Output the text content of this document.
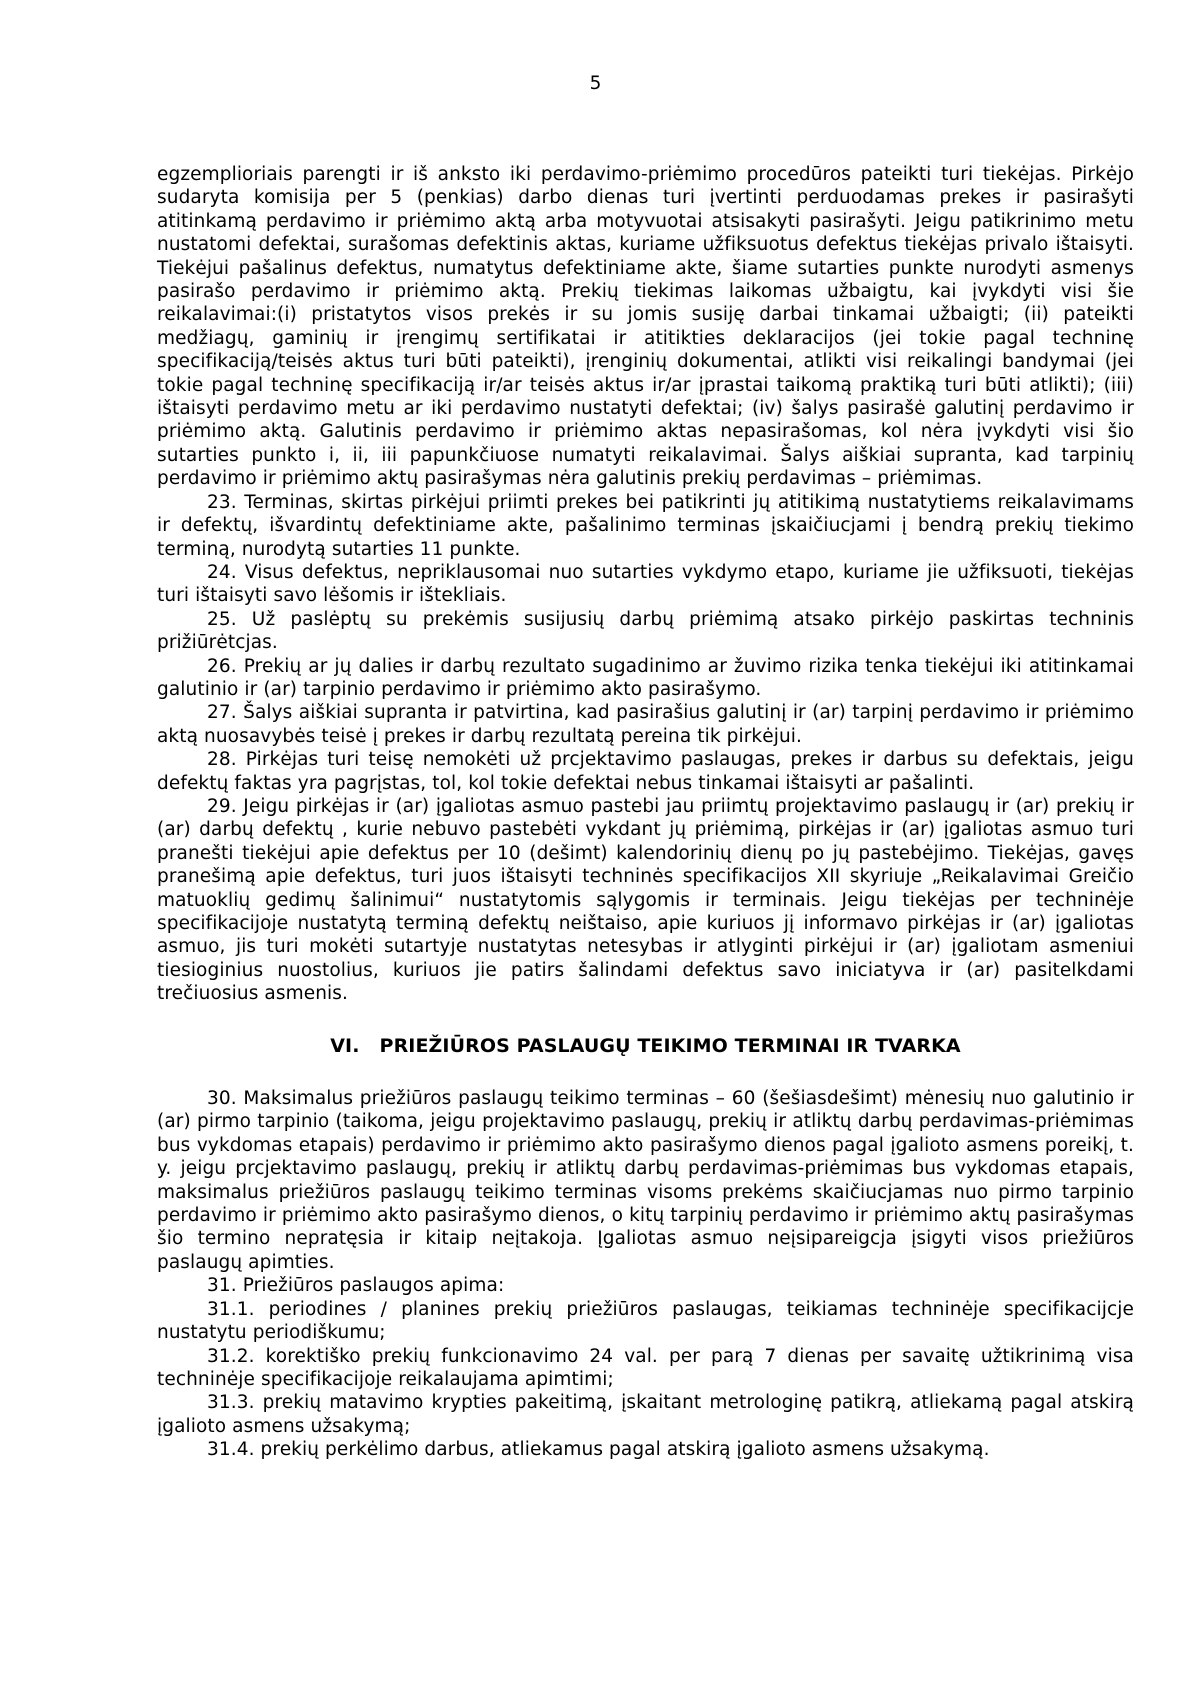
5

egzemplioriais parengti ir iš anksto iki perdavimo-priėmimo procedūros pateikti turi tiekėjas. Pirkėjo sudaryta komisija per 5 (penkias) darbo dienas turi įvertinti perduodamas prekes ir pasirašyti atitinkamą perdavimo ir priėmimo aktą arba motyvuotai atsisakyti pasirašyti. Jeigu patikrinimo metu nustatomi defektai, surašomas defektinis aktas, kuriame užfiksuotus defektus tiekėjas privalo ištaisyti. Tiekėjui pašalinus defektus, numatytus defektiniame akte, šiame sutarties punkte nurodyti asmenys pasirašo perdavimo ir priėmimo aktą. Prekių tiekimas laikomas užbaigtu, kai įvykdyti visi šie reikalavimai:(i) pristatytos visos prekės ir su jomis susiję darbai tinkamai užbaigti; (ii) pateikti medžiagų, gaminių ir įrengimų sertifikatai ir atitikties deklaracijos (jei tokie pagal techninę specifikaciją/teisės aktus turi būti pateikti), įrenginių dokumentai, atlikti visi reikalingi bandymai (jei tokie pagal techninę specifikaciją ir/ar teisės aktus ir/ar įprastai taikomą praktiką turi būti atlikti); (iii) ištaisyti perdavimo metu ar iki perdavimo nustatyti defektai; (iv) šalys pasirašė galutinį perdavimo ir priėmimo aktą. Galutinis perdavimo ir priėmimo aktas nepasirašomas, kol nėra įvykdyti visi šio sutarties punkto i, ii, iii papunkčiuose numatyti reikalavimai. Šalys aiškiai supranta, kad tarpinių perdavimo ir priėmimo aktų pasirašymas nėra galutinis prekių perdavimas – priėmimas.

23. Terminas, skirtas pirkėjui priimti prekes bei patikrinti jų atitikimą nustatytiems reikalavimams ir defektų, išvardintų defektiniame akte, pašalinimo terminas įskaičiucjami į bendrą prekių tiekimo terminą, nurodytą sutarties 11 punkte.

24. Visus defektus, nepriklausomai nuo sutarties vykdymo etapo, kuriame jie užfiksuoti, tiekėjas turi ištaisyti savo lėšomis ir ištekliais.

25. Už paslėptų su prekėmis susijusių darbų priėmimą atsako pirkėjo paskirtas techninis prižiūrėtcjas.

26. Prekių ar jų dalies ir darbų rezultato sugadinimo ar žuvimo rizika tenka tiekėjui iki atitinkamai galutinio ir (ar) tarpinio perdavimo ir priėmimo akto pasirašymo.

27. Šalys aiškiai supranta ir patvirtina, kad pasirašius galutinį ir (ar) tarpinį perdavimo ir priėmimo aktą nuosavybės teisė į prekes ir darbų rezultatą pereina tik pirkėjui.

28. Pirkėjas turi teisę nemokėti už prcjektavimo paslaugas, prekes ir darbus su defektais, jeigu defektų faktas yra pagrįstas, tol, kol tokie defektai nebus tinkamai ištaisyti ar pašalinti.

29. Jeigu pirkėjas ir (ar) įgaliotas asmuo pastebi jau priimtų projektavimo paslaugų ir (ar) prekių ir (ar) darbų defektų , kurie nebuvo pastebėti vykdant jų priėmimą, pirkėjas ir (ar) įgaliotas asmuo turi pranešti tiekėjui apie defektus per 10 (dešimt) kalendorinių dienų po jų pastebėjimo. Tiekėjas, gavęs pranešimą apie defektus, turi juos ištaisyti techninės specifikacijos XII skyriuje „Reikalavimai Greičio matuoklių gedimų šalinimui“ nustatytomis sąlygomis ir terminais. Jeigu tiekėjas per techninėje specifikacijoje nustatytą terminą defektų neištaiso, apie kuriuos jį informavo pirkėjas ir (ar) įgaliotas asmuo, jis turi mokėti sutartyje nustatytas netesybas ir atlyginti pirkėjui ir (ar) įgaliotam asmeniui tiesioginius nuostolius, kuriuos jie patirs šalindami defektus savo iniciatyva ir (ar) pasitelkdami trečiuosius asmenis.

VI. PRIEŽIŪROS PASLAUGŲ TEIKIMO TERMINAI IR TVARKA

30. Maksimalus priežiūros paslaugų teikimo terminas – 60 (šešiasdešimt) mėnesių nuo galutinio ir (ar) pirmo tarpinio (taikoma, jeigu projektavimo paslaugų, prekių ir atliktų darbų perdavimas-priėmimas bus vykdomas etapais) perdavimo ir priėmimo akto pasirašymo dienos pagal įgalioto asmens poreikį, t. y. jeigu prcjektavimo paslaugų, prekių ir atliktų darbų perdavimas-priėmimas bus vykdomas etapais, maksimalus priežiūros paslaugų teikimo terminas visoms prekėms skaičiucjamas nuo pirmo tarpinio perdavimo ir priėmimo akto pasirašymo dienos, o kitų tarpinių perdavimo ir priėmimo aktų pasirašymas šio termino nepratęsia ir kitaip neįtakoja. Įgaliotas asmuo neįsipareigcja įsigyti visos priežiūros paslaugų apimties.

31. Priežiūros paslaugos apima:

31.1. periodines / planines prekių priežiūros paslaugas, teikiamas techninėje specifikacijcje nustatytu periodiškumu;

31.2. korektiško prekių funkcionavimo 24 val. per parą 7 dienas per savaitę užtikrinimą visa techninėje specifikacijoje reikalaujama apimtimi;

31.3. prekių matavimo krypties pakeitimą, įskaitant metrologinę patikrą, atliekamą pagal atskirą įgalioto asmens užsakymą;

31.4. prekių perkėlimo darbus, atliekamus pagal atskirą įgalioto asmens užsakymą.
